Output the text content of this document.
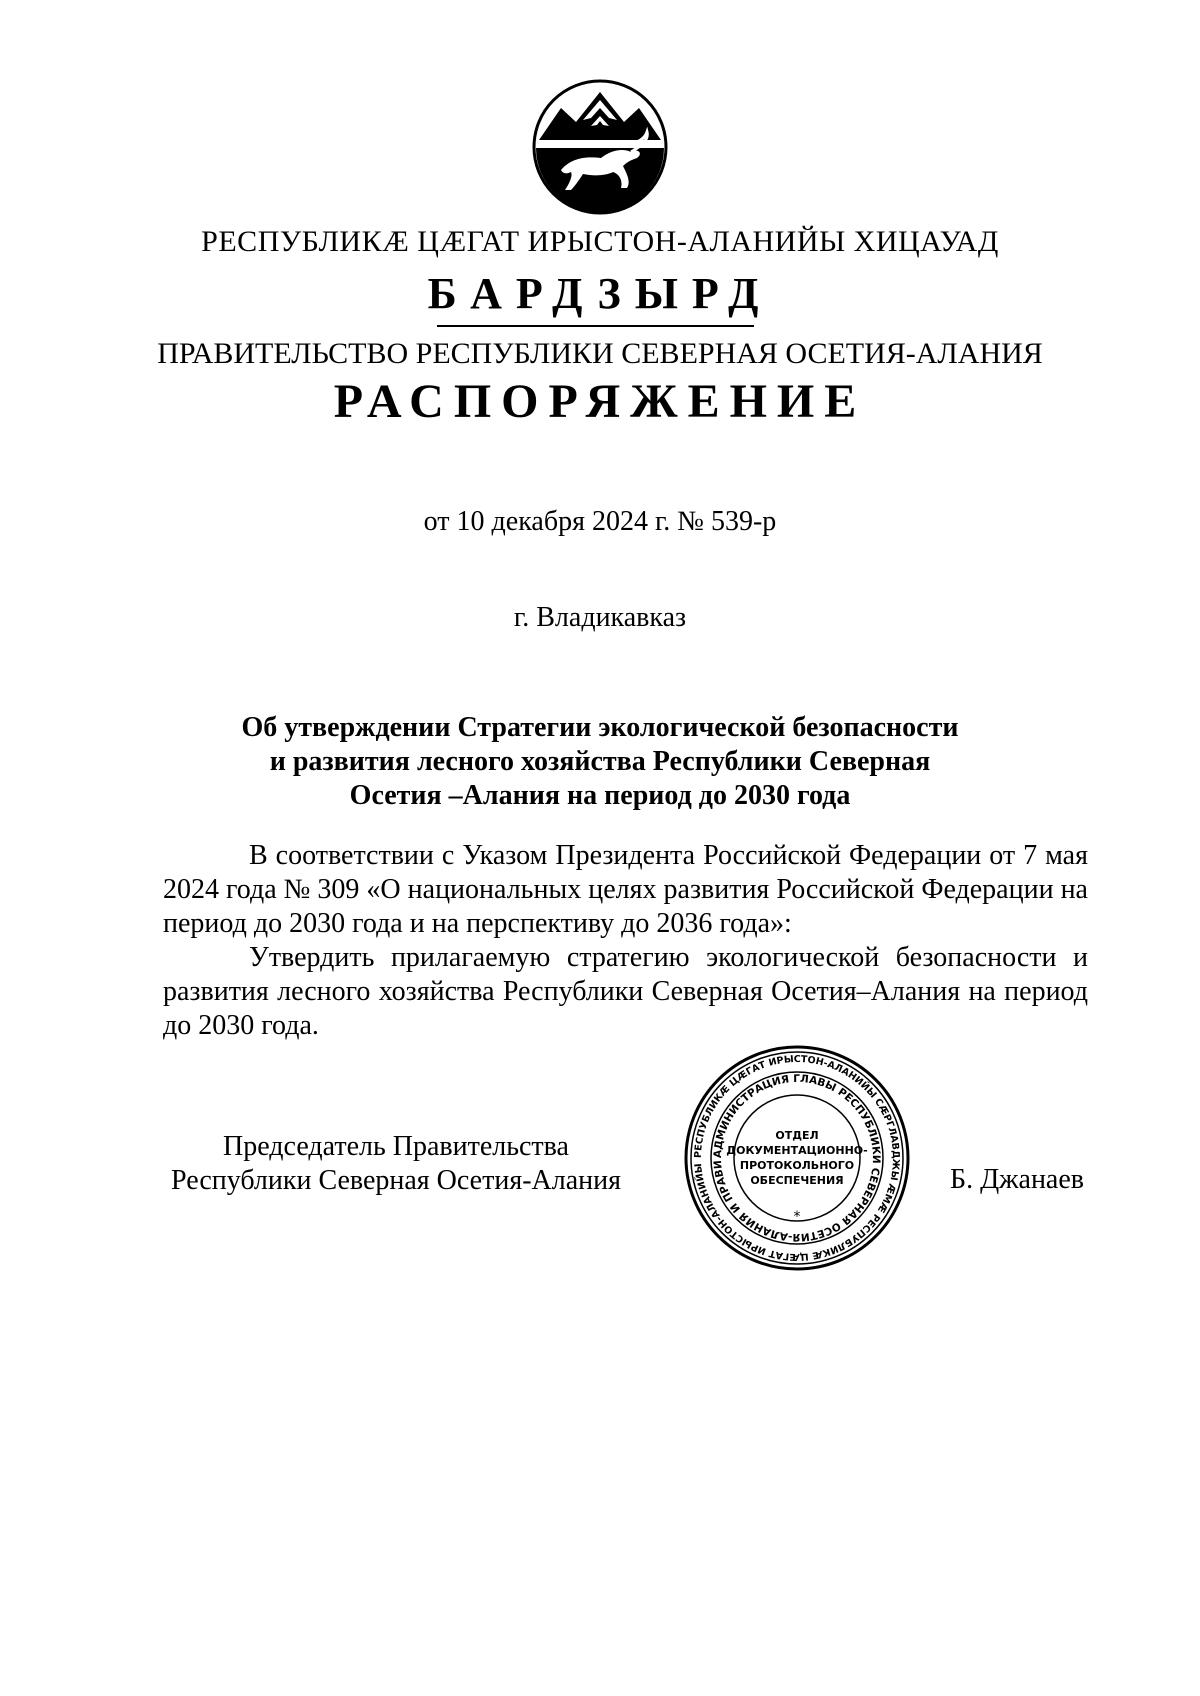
РЕСПУБЛИКÆ ЦÆГАТ ИРЫСТОН-АЛАНИЙЫ ХИЦАУАД
БАРДЗЫРД
ПРАВИТЕЛЬСТВО РЕСПУБЛИКИ СЕВЕРНАЯ ОСЕТИЯ-АЛАНИЯ
РАСПОРЯЖЕНИЕ
от 10 декабря 2024 г. № 539-р
г. Владикавказ
Об утверждении Стратегии экологической безопасности
и развития лесного хозяйства Республики Северная
Осетия –Алания на период до 2030 года

В соответствии с Указом Президента Российской Федерации от 7 мая 2024 года № 309 «О национальных целях развития Российской Федерации на период до 2030 года и на перспективу до 2036 года»:

Утвердить прилагаемую стратегию экологической безопасности и развития лесного хозяйства Республики Северная Осетия–Алания на период до 2030 года.

Председатель Правительства
Республики Северная Осетия-Алания	Б. Джанаев
РЕСПУБЛИКÆ ЦÆГАТ ИРЫСТОН-АЛАНИЙЫ СÆРГЛАВДЖЫ ÆМÆ РЕСПУБЛИКÆ ЦÆГАТ ИРЫСТОН-АЛАНИЙЫ
АДМИНИСТРАЦИЯ ГЛАВЫ РЕСПУБЛИКИ СЕВЕРНАЯ ОСЕТИЯ-АЛАНИЯ И ПРАВИ
ОТДЕЛ
ДОКУМЕНТАЦИОННО-
ПРОТОКОЛЬНОГО
ОБЕСПЕЧЕНИЯ
*
